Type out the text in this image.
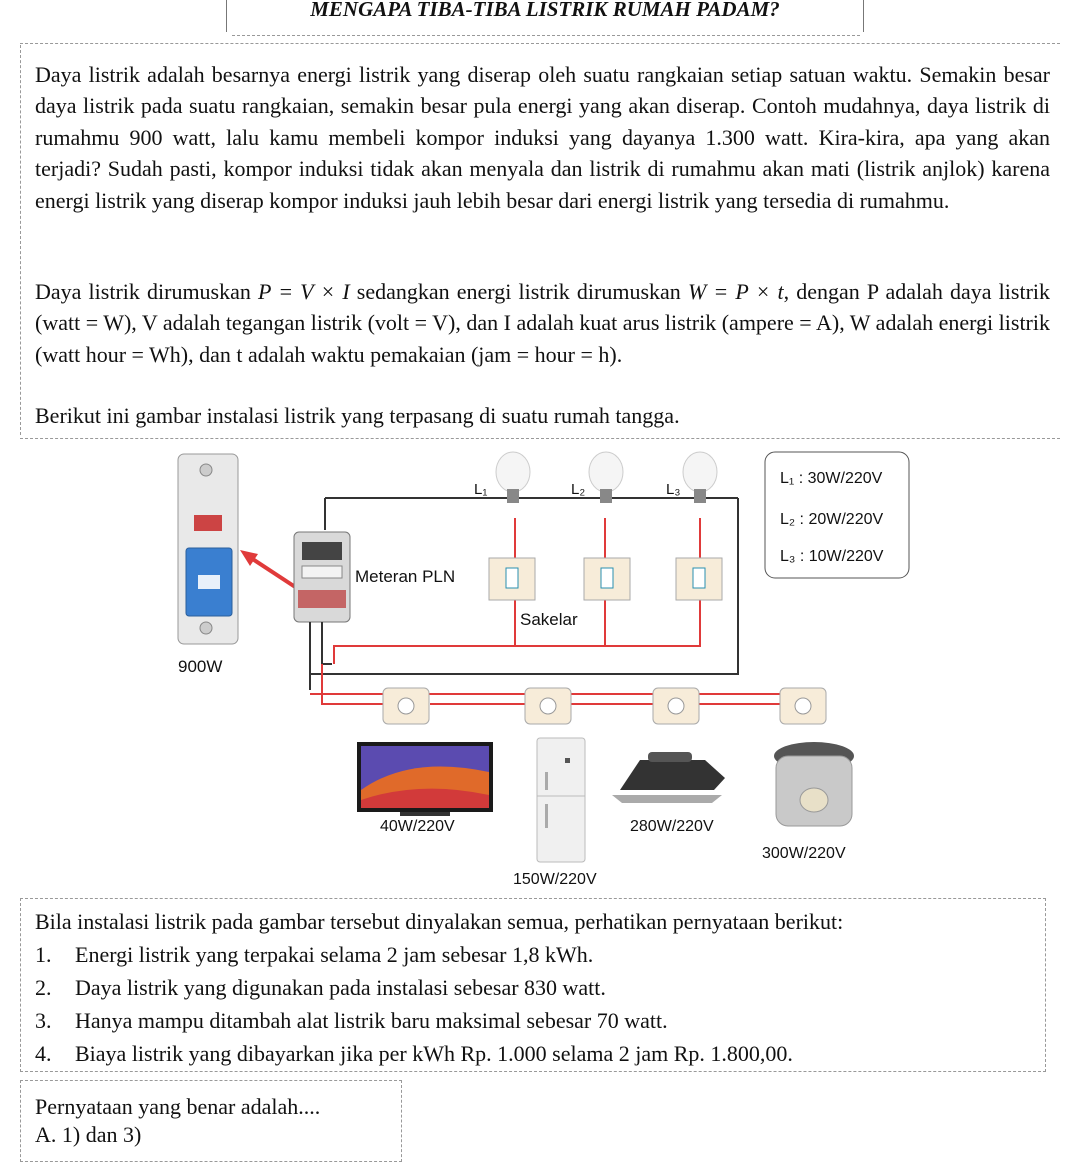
MENGAPA TIBA-TIBA LISTRIK RUMAH PADAM?

Daya listrik adalah besarnya energi listrik yang diserap oleh suatu rangkaian setiap satuan waktu. Semakin besar daya listrik pada suatu rangkaian, semakin besar pula energi yang akan diserap. Contoh mudahnya, daya listrik di rumahmu 900 watt, lalu kamu membeli kompor induksi yang dayanya 1.300 watt. Kira-kira, apa yang akan terjadi? Sudah pasti, kompor induksi tidak akan menyala dan listrik di rumahmu akan mati (listrik anjlok) karena energi listrik yang diserap kompor induksi jauh lebih besar dari energi listrik yang tersedia di rumahmu.

Daya listrik dirumuskan P = V × I sedangkan energi listrik dirumuskan W = P × t, dengan P adalah daya listrik (watt = W), V adalah tegangan listrik (volt = V), dan I adalah kuat arus listrik (ampere = A), W adalah energi listrik (watt hour = Wh), dan t adalah waktu pemakaian (jam = hour = h).

Berikut ini gambar instalasi listrik yang terpasang di suatu rumah tangga.

900W
Meteran PLN
L₁	L₂	L₃
Sakelar
L₁ : 30W/220V
L₂ : 20W/220V
L₃ : 10W/220V
40W/220V
150W/220V
280W/220V
300W/220V
Bila instalasi listrik pada gambar tersebut dinyalakan semua, perhatikan pernyataan berikut:
1. Energi listrik yang terpakai selama 2 jam sebesar 1,8 kWh.
2. Daya listrik yang digunakan pada instalasi sebesar 830 watt.
3. Hanya mampu ditambah alat listrik baru maksimal sebesar 70 watt.
4. Biaya listrik yang dibayarkan jika per kWh Rp. 1.000 selama 2 jam Rp. 1.800,00.
Pernyataan yang benar adalah....
A. 1) dan 3)
